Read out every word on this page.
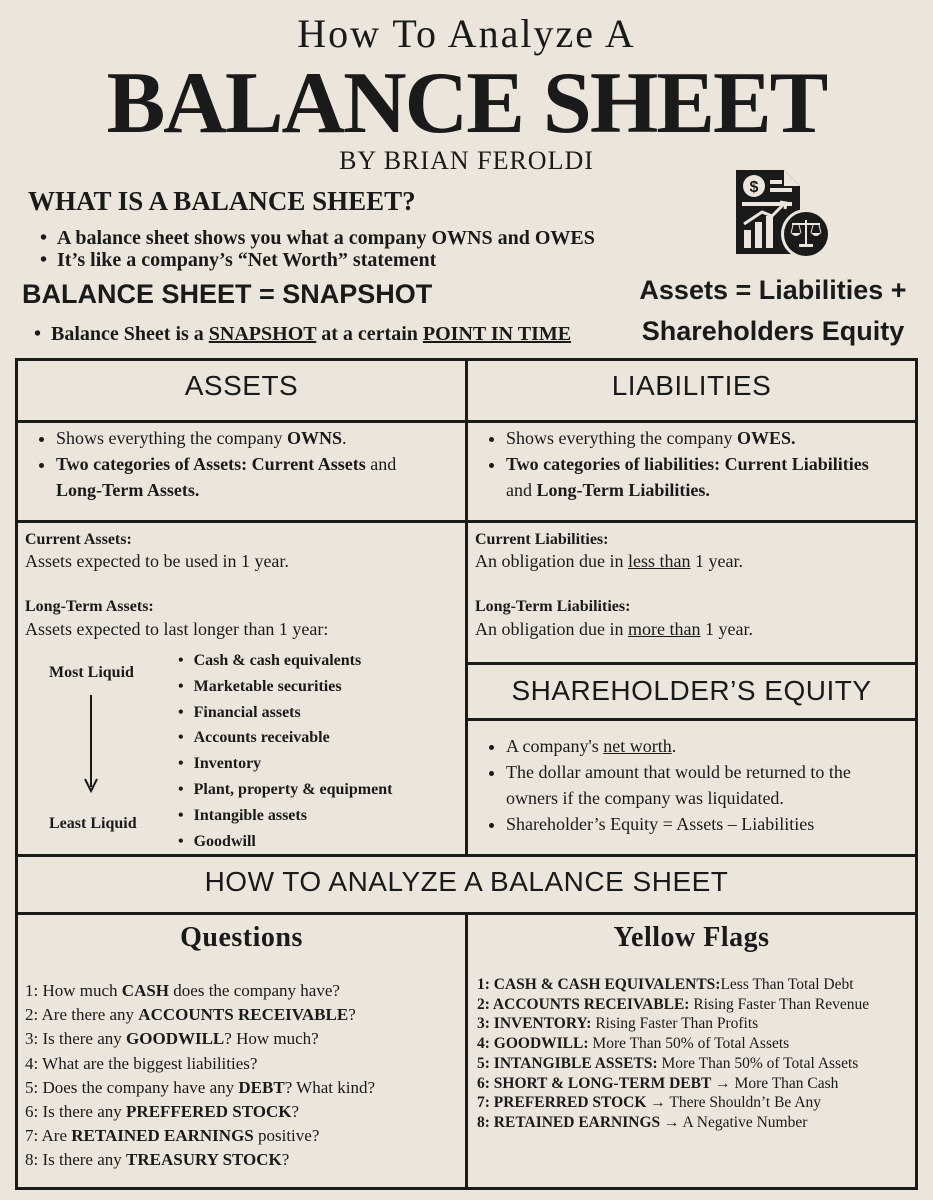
How To Analyze A
BALANCE SHEET
BY BRIAN FEROLDI
WHAT IS A BALANCE SHEET?
• A balance sheet shows you what a company OWNS and OWES
• It’s like a company’s “Net Worth” statement
BALANCE SHEET = SNAPSHOT
• Balance Sheet is a SNAPSHOT at a certain POINT IN TIME
$
Assets = Liabilities +
Shareholders Equity
ASSETS	LIABILITIES
SHAREHOLDER’S EQUITY
HOW TO ANALYZE A BALANCE SHEET
Questions	Yellow Flags
• Shows everything the company OWNS.
• Two categories of Assets: Current Assets and
Long-Term Assets.
• Shows everything the company OWES.
• Two categories of liabilities: Current Liabilities
and Long-Term Liabilities.
Current Assets:
Assets expected to be used in 1 year.
Long-Term Assets:
Assets expected to last longer than 1 year:
Most Liquid
Least Liquid
• Cash & cash equivalents
• Marketable securities
• Financial assets
• Accounts receivable
• Inventory
• Plant, property & equipment
• Intangible assets
• Goodwill
Current Liabilities:
An obligation due in less than 1 year.
Long-Term Liabilities:
An obligation due in more than 1 year.
• A company's net worth.
• The dollar amount that would be returned to the
owners if the company was liquidated.
• Shareholder’s Equity = Assets – Liabilities
1: How much CASH does the company have?
2: Are there any ACCOUNTS RECEIVABLE?
3: Is there any GOODWILL? How much?
4: What are the biggest liabilities?
5: Does the company have any DEBT? What kind?
6: Is there any PREFFERED STOCK?
7: Are RETAINED EARNINGS positive?
8: Is there any TREASURY STOCK?
1: CASH & CASH EQUIVALENTS:Less Than Total Debt
2: ACCOUNTS RECEIVABLE: Rising Faster Than Revenue
3: INVENTORY: Rising Faster Than Profits
4: GOODWILL: More Than 50% of Total Assets
5: INTANGIBLE ASSETS: More Than 50% of Total Assets
6: SHORT & LONG-TERM DEBT → More Than Cash
7: PREFERRED STOCK → There Shouldn’t Be Any
8: RETAINED EARNINGS → A Negative Number
